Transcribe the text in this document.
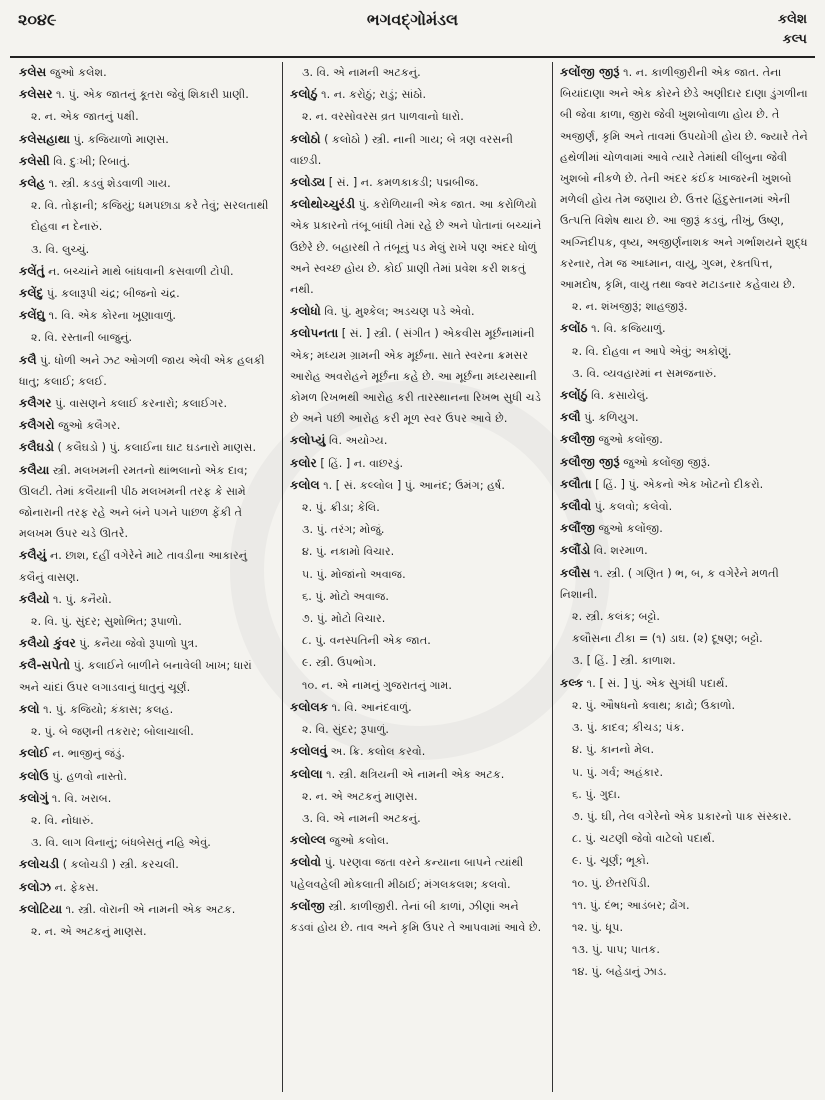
૨૦૪૯	ભગવદ્ગોમંડલ	કલેશ
કલ્પ
કલેસ જુઓ કલેશ.
કલેસર ૧. પું. એક જાતનું કૂતરા જેવું શિકારી પ્રાણી.
૨. ન. એક જાતનું પક્ષી.
કલેસહાથા પું. કજિયાળો માણસ.
કલેસી વિ. દુઃખી; રિબાતું.
કલેહ ૧. સ્ત્રી. કડવું શેડવાળી ગાય.
૨. વિ. તોફાની; કજિયું; ધમપછાડા કરે તેવું; સરલતાથી દોહવા ન દેનારું.
૩. વિ. લુચ્ચું.
કલેંતું ન. બચ્ચાંને માથે બાંધવાની કસવાળી ટોપી.
કલેંદુ પું. કલારૂપી ચંદ્ર; બીજનો ચંદ્ર.
કલેંદ્યુ ૧. વિ. એક કોરના ખૂણાવાળું.
૨. વિ. રસ્તાની બાજુનું.
કલૈ પું. ધોળી અને ઝટ ઓગળી જાય એવી એક હલકી ધાતુ; કલાઈ; કલઈ.
કલૈગર પું. વાસણને કલાઈ કરનારો; કલાઈગર.
કલૈગરો જુઓ કલૈગર.
કલૈઘડો ( કલૈઘડો ) પું. કલાઈના ઘાટ ઘડનારો માણસ.
કલૈયા સ્ત્રી. મલખમની રમતનો થાંભલાનો એક દાવ; ઊલટી. તેમાં કલૈયાની પીઠ મલખમની તરફ કે સામે જોનારાની તરફ રહે અને બંને પગને પાછળ ફેંકી તે મલખમ ઉપર ચડે ઊતરે.
કલૈયું ન. છાશ, દહીં વગેરેને માટે તાવડીના આકારનું કલૈનું વાસણ.
કલૈયો ૧. પું. કનૈયો.
૨. વિ. પું. સુંદર; સુશોભિત; રૂપાળો.
કલૈયો કુંવર પું. કનૈયા જેવો રૂપાળો પુત્ર.
કલૈ-સપેતો પું. કલાઈને બાળીને બનાવેલી ખાખ; ધારાં અને ચાંદાં ઉપર લગાડવાનું ધાતુનું ચૂર્ણ.
કલો ૧. પું. કજિયો; કંકાસ; કલહ.
૨. પું. બે જણની તકરાર; બોલાચાલી.
કલોઈ ન. ભાજીનું જંડું.
કલોઉ પું. હળવો નાસ્તો.
કલોગું ૧. વિ. ખરાબ.
૨. વિ. નોધારું.
૩. વિ. લાગ વિનાનું; બંધબેસતું નહિ એવું.
કલોચડી ( કલોચડી ) સ્ત્રી. કરચલી.
કલોઝ ન. ફેકસ.
કલોટિયા ૧. સ્ત્રી. વોરાની એ નામની એક અટક.
૨. ન. એ અટકનું માણસ.
૩. વિ. એ નામની અટકનું.
કલોઠું ૧. ન. કરોઠું; રાડું; સાંઠો.
૨. ન. વરસોવરસ વ્રત પાળવાનો ધારો.
કલોઠો ( કલોઠો ) સ્ત્રી. નાની ગાય; બે ત્રણ વરસની વાછડી.
કલોડ્ય [ સં. ] ન. કમળકાકડી; પદ્મબીજ.
કલોથોચ્ચુરંડી પું. કરોળિયાની એક જાત. આ કરોળિયો એક પ્રકારનો તંબૂ બાંધી તેમાં રહે છે અને પોતાનાં બચ્ચાંને ઉછેરે છે. બહારથી તે તંબૂનું પડ મેલું રાખે પણ અંદર ધોળું અને સ્વચ્છ હોય છે. કોઈ પ્રાણી તેમાં પ્રવેશ કરી શકતું નથી.
કલોધો વિ. પું. મુશ્કેલ; અડચણ પડે એવો.
કલોપનતા [ સં. ] સ્ત્રી. ( સંગીત ) એકવીસ મૂર્છનામાંની એક; મધ્યમ ગ્રામની એક મૂર્છના. સાતે સ્વરના ક્રમસર આરોહ અવરોહને મૂર્છના કહે છે. આ મૂર્છના મધ્યસ્થાની કોમળ રિખભથી આરોહ કરી તારસ્થાનના રિખભ સુધી ચડે છે અને પછી આરોહ કરી મૂળ સ્વર ઉપર આવે છે.
કલોપ્યું વિ. અયોગ્ય.
કલોર [ હિં. ] ન. વાછરડું.
કલોલ ૧. [ સં. કલ્લોલ ] પું. આનંદ; ઉમંગ; હર્ષ.
૨. પું. ક્રીડા; કેલિ.
૩. પું. તરંગ; મોજું.
૪. પું. નકામો વિચાર.
૫. પું. મોજાંનો અવાજ.
૬. પું. મોટો અવાજ.
૭. પું. મોટો વિચાર.
૮. પું. વનસ્પતિની એક જાત.
૯. સ્ત્રી. ઉપભોગ.
૧૦. ન. એ નામનું ગુજરાતનું ગામ.
કલોલક ૧. વિ. આનંદવાળું.
૨. વિ. સુંદર; રૂપાળું.
કલોલવું અ. ક્રિ. કલોલ કરવો.
કલોલા ૧. સ્ત્રી. ક્ષત્રિયની એ નામની એક અટક.
૨. ન. એ અટકનું માણસ.
૩. વિ. એ નામની અટકનું.
કલોલ્લ જુઓ કલોલ.
કલોવો પું. પરણવા જતા વરને કન્યાના બાપને ત્યાંથી પહેલવહેલી મોકલાતી મીઠાઈ; મંગલકલશ; કલવો.
કલોંજી સ્ત્રી. કાળીજીરી. તેનાં બી કાળાં, ઝીણાં અને કડવાં હોય છે. તાવ અને કૃમિ ઉપર તે આપવામાં આવે છે.
કલોંજી જીરૂં ૧. ન. કાળીજીરીની એક જાત. તેના બિયાંદાણા અને એક કોરને છેડે અણીદાર દાણા ડુંગળીના બી જેવા કાળા, જીરા જેવી ખુશબોવાળા હોય છે. તે અજીર્ણ, કૃમિ અને તાવમાં ઉપયોગી હોય છે. જ્યારે તેને હથેળીમાં ચોળવામાં આવે ત્યારે તેમાંથી લીંબુના જેવી ખુશબો નીકળે છે. તેની અંદર કંઈક ખાજરની ખુશબો મળેલી હોય તેમ જણાય છે. ઉત્તર હિંદુસ્તાનમાં એની ઉત્પત્તિ વિશેષ થાય છે. આ જીરૂં કડવું, તીખું, ઉષ્ણ, અગ્નિદીપક, વૃષ્ય, અજીર્ણનાશક અને ગર્ભાશયને શુદ્ધ કરનાર, તેમ જ આધ્માન, વાયુ, ગુલ્મ, રક્તપિત્ત, આમદોષ, કૃમિ, વાયુ તથા જ્વર મટાડનાર કહેવાય છે.
૨. ન. શંખજીરૂં; શાહજીરૂં.
કલોંઠ ૧. વિ. કજિયાળું.
૨. વિ. દોહવા ન આપે એવું; અકોણું.
૩. વિ. વ્યવહારમાં ન સમજનારું.
કલોંઠું વિ. કસાયેલું.
કલૌ પું. કળિયુગ.
કલૌજી જુઓ કલોંજી.
કલૌજી જીરૂં જુઓ કલોંજી જીરૂં.
કલૌતા [ હિં. ] પું. એકનો એક ખોટનો દીકરો.
કલૌવો પું. કલવો; કલેવો.
કલૌંજી જુઓ કલોંજી.
કલૌંડો વિ. શરમાળ.
કલૌસ ૧. સ્ત્રી. ( ગણિત ) ભ, બ, ક વગેરેને મળતી નિશાની.
૨. સ્ત્રી. કલંક; બટ્ટો.
કલૌસના ટીકા = (૧) ડાઘ. (૨) દૂષણ; બટ્ટો.
૩. [ હિં. ] સ્ત્રી. કાળાશ.
કલ્ક ૧. [ સં. ] પું. એક સુગંધી પદાર્થ.
૨. પું. ઔષધનો ક્વાથ; કાઢો; ઉકાળો.
૩. પું. કાદવ; કીચડ; પંક.
૪. પું. કાનનો મેલ.
૫. પું. ગર્વ; અહંકાર.
૬. પું. ગુદા.
૭. પું. ઘી, તેલ વગેરેનો એક પ્રકારનો પાક સંસ્કાર.
૮. પું. ચટણી જેવો વાટેલો પદાર્થ.
૯. પું. ચૂર્ણ; ભૂકો.
૧૦. પું. છેતરપિંડી.
૧૧. પું. દંભ; આડંબર; ઢોંગ.
૧૨. પું. ધૂપ.
૧૩. પું. પાપ; પાતક.
૧૪. પું. બહેડાનું ઝાડ.
